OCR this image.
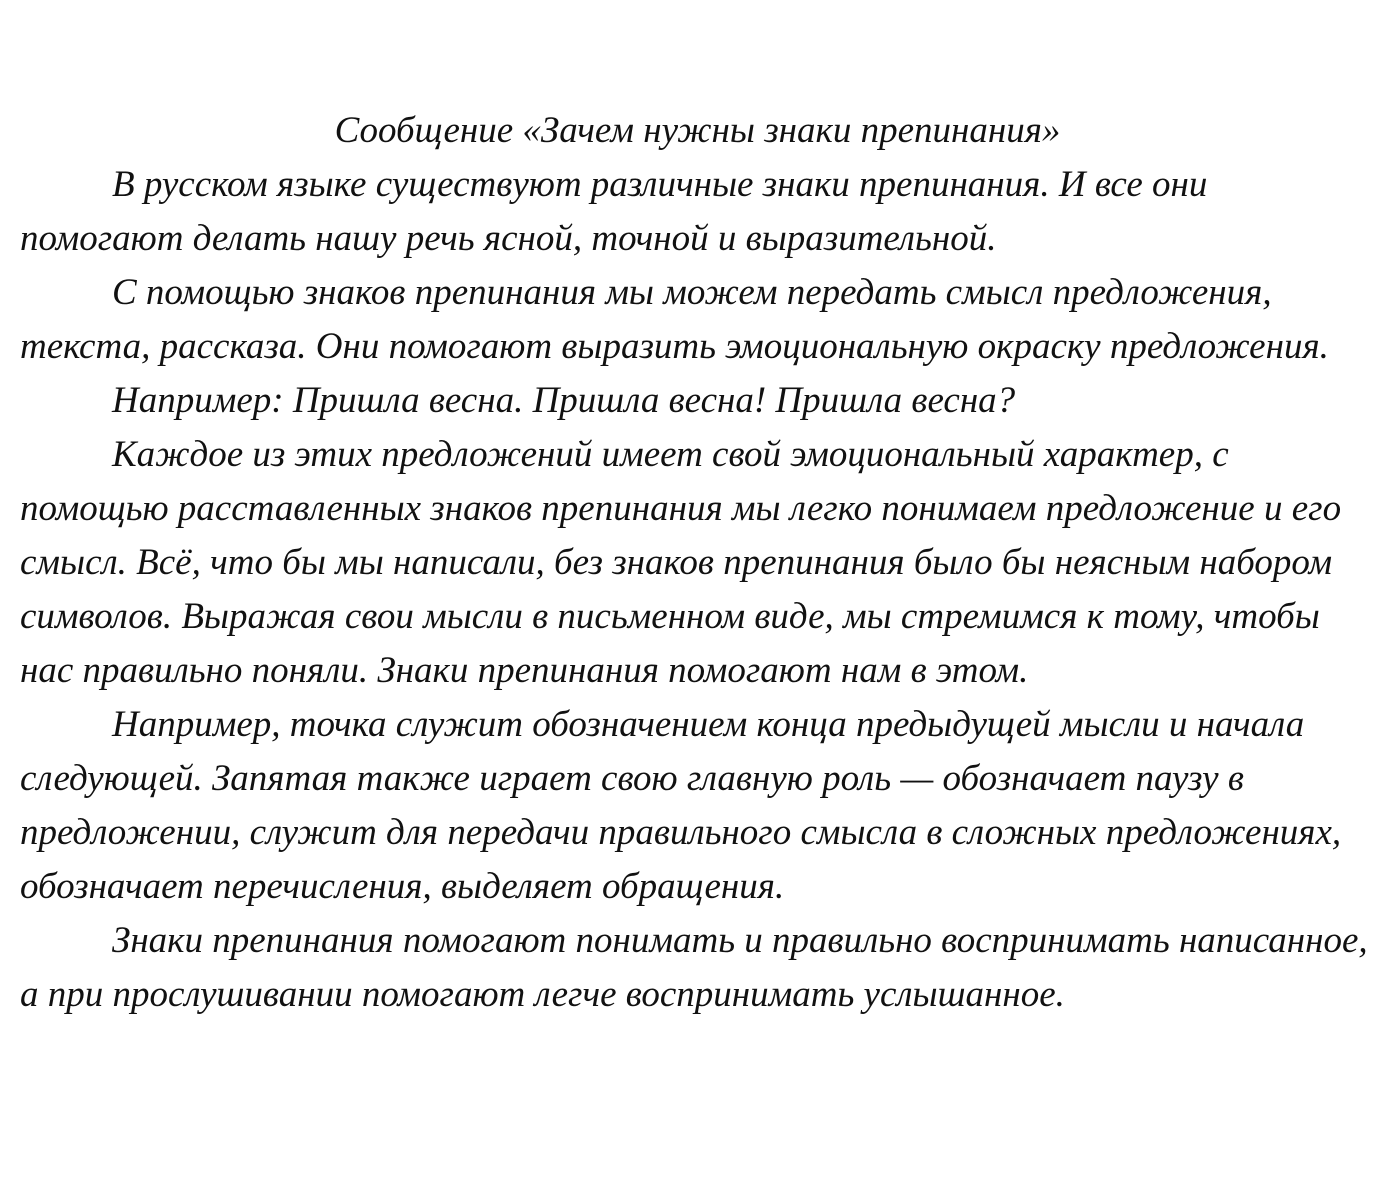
Сообщение «Зачем нужны знаки препинания»

В русском языке существуют различные знаки препинания. И все они помогают делать нашу речь ясной, точной и выразительной.

С помощью знаков препинания мы можем передать смысл предложения, текста, рассказа. Они помогают выразить эмоциональную окраску предложения.

Например: Пришла весна. Пришла весна! Пришла весна?

Каждое из этих предложений имеет свой эмоциональный характер, с помощью расставленных знаков препинания мы легко понимаем предложение и его смысл. Всё, что бы мы написали, без знаков препинания было бы неясным набором символов. Выражая свои мысли в письменном виде, мы стремимся к тому, чтобы нас правильно поняли. Знаки препинания помогают нам в этом.

Например, точка служит обозначением конца предыдущей мысли и начала следующей. Запятая также играет свою главную роль — обозначает паузу в предложении, служит для передачи правильного смысла в сложных предложениях, обозначает перечисления, выделяет обращения.

Знаки препинания помогают понимать и правильно воспринимать написанное, а при прослушивании помогают легче воспринимать услышанное.
